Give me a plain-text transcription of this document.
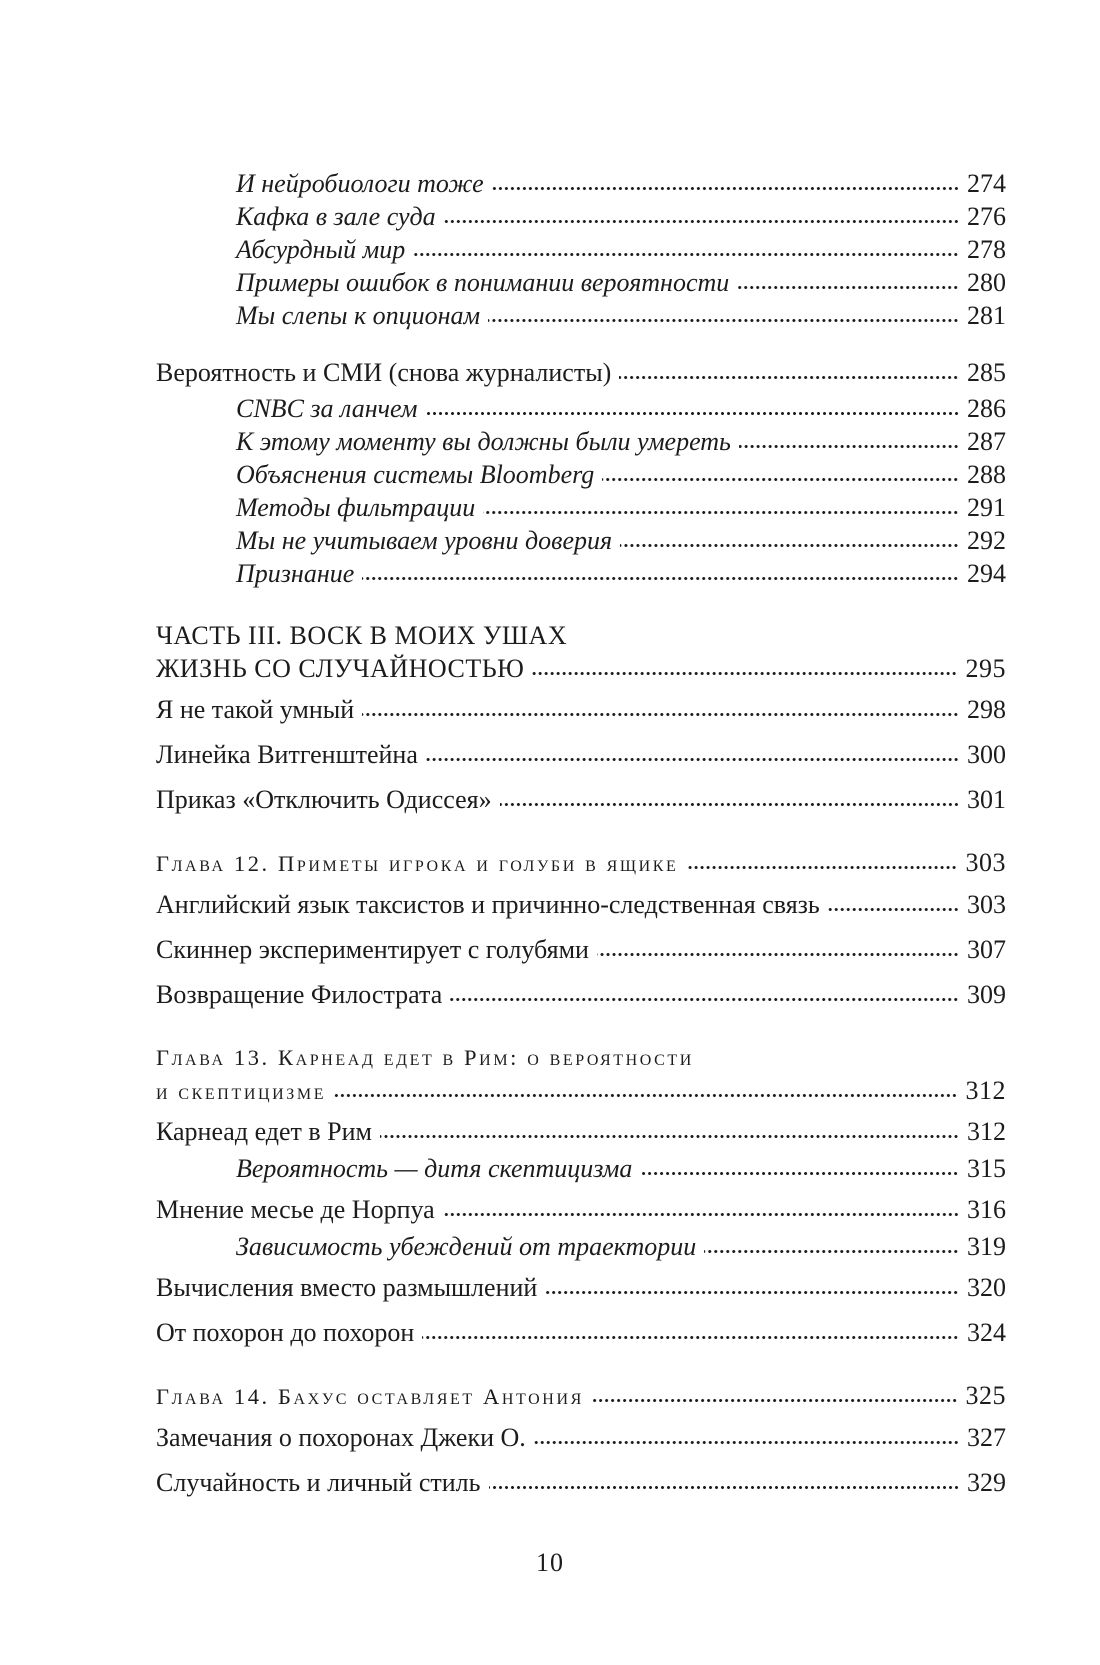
И нейробиологи тоже	274
Кафка в зале суда	276
Абсурдный мир	278
Примеры ошибок в понимании вероятности	280
Мы слепы к опционам	281
Вероятность и СМИ (снова журналисты)	285
CNBC за ланчем	286
К этому моменту вы должны были умереть	287
Объяснения системы Bloomberg	288
Методы фильтрации	291
Мы не учитываем уровни доверия	292
Признание	294
ЧАСТЬ III. ВОСК В МОИХ УШАХ
ЖИЗНЬ СО СЛУЧАЙНОСТЬЮ	295
Я не такой умный	298
Линейка Витгенштейна	300
Приказ «Отключить Одиссея»	301
Глава 12. Приметы игрока и голуби в ящике	303
Английский язык таксистов и причинно-следственная связь	303
Скиннер экспериментирует с голубями	307
Возвращение Филострата	309
Глава 13. Карнеад едет в Рим: о вероятности
и скептицизме	312
Карнеад едет в Рим	312
Вероятность — дитя скептицизма	315
Мнение месье де Норпуа	316
Зависимость убеждений от траектории	319
Вычисления вместо размышлений	320
От похорон до похорон	324
Глава 14. Бахус оставляет Антония	325
Замечания о похоронах Джеки О.	327
Случайность и личный стиль	329
10
